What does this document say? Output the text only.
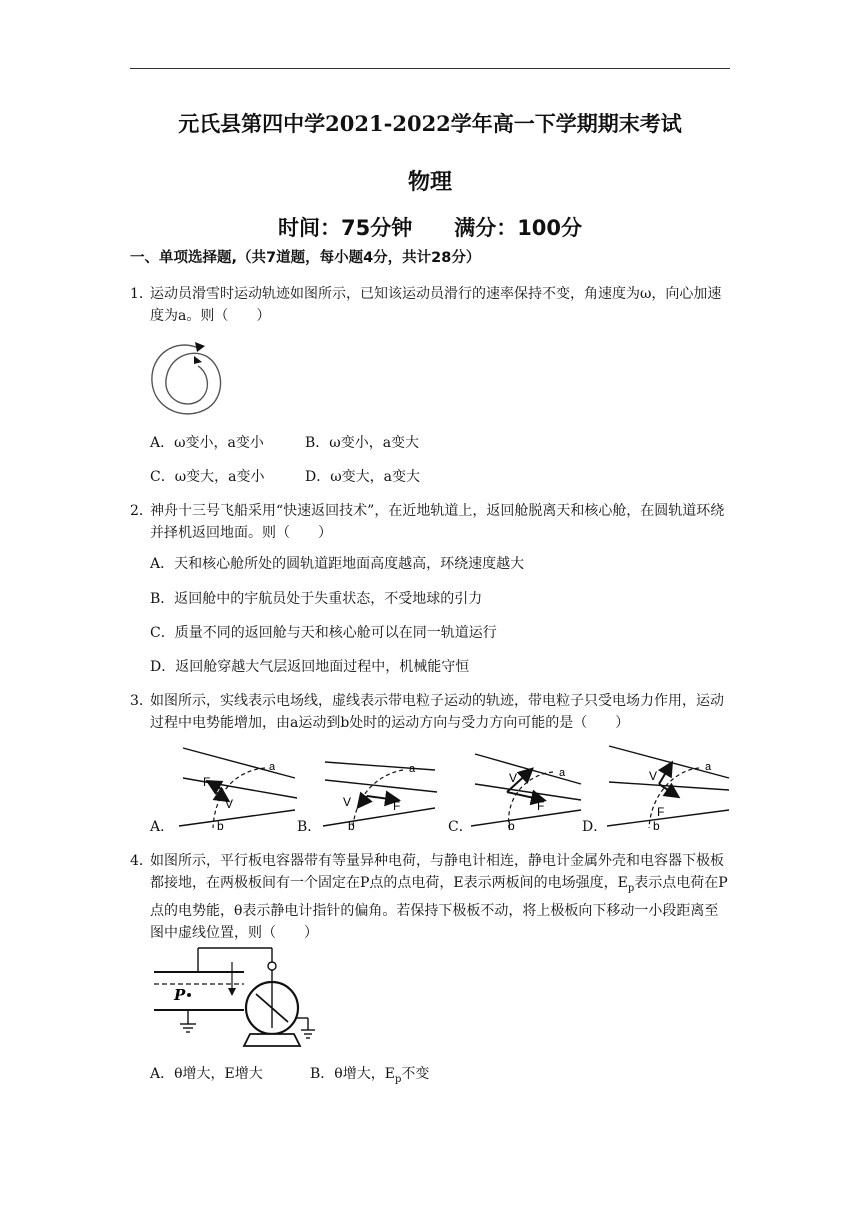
元氏县第四中学2021-2022学年高一下学期期末考试
物理
时间：75分钟　　满分：100分
一、单项选择题,（共7道题，每小题4分，共计28分）
1．
运动员滑雪时运动轨迹如图所示，已知该运动员滑行的速率保持不变，角速度为ω，向心加速度为a。则（　　）
A．ω变小，a变小	B．ω变小，a变大
C．ω变大，a变小	D．ω变大，a变大
2．
神舟十三号飞船采用“快速返回技术”，在近地轨道上，返回舱脱离天和核心舱，在圆轨道环绕并择机返回地面。则（　　）
A．天和核心舱所处的圆轨道距地面高度越高，环绕速度越大
B．返回舱中的宇航员处于失重状态，不受地球的引力
C．质量不同的返回舱与天和核心舱可以在同一轨道运行
D．返回舱穿越大气层返回地面过程中，机械能守恒
3．
如图所示，实线表示电场线，虚线表示带电粒子运动的轨迹，带电粒子只受电场力作用，运动过程中电势能增加，由a运动到b处时的运动方向与受力方向可能的是（　　）
a
F
V
b
a
F
V
b
a
F
V
b
a
F
V
b
A．	B．	C．	D．
4．
如图所示，平行板电容器带有等量异种电荷，与静电计相连，静电计金属外壳和电容器下极板都接地，在两极板间有一个固定在P点的点电荷，E表示两板间的电场强度，$E_p$表示点电荷在P点的电势能，θ表示静电计指针的偏角。若保持下极板不动，将上极板向下移动一小段距离至图中虚线位置，则（　　）
P
A．θ增大，E增大	B．θ增大，$E_p$不变
